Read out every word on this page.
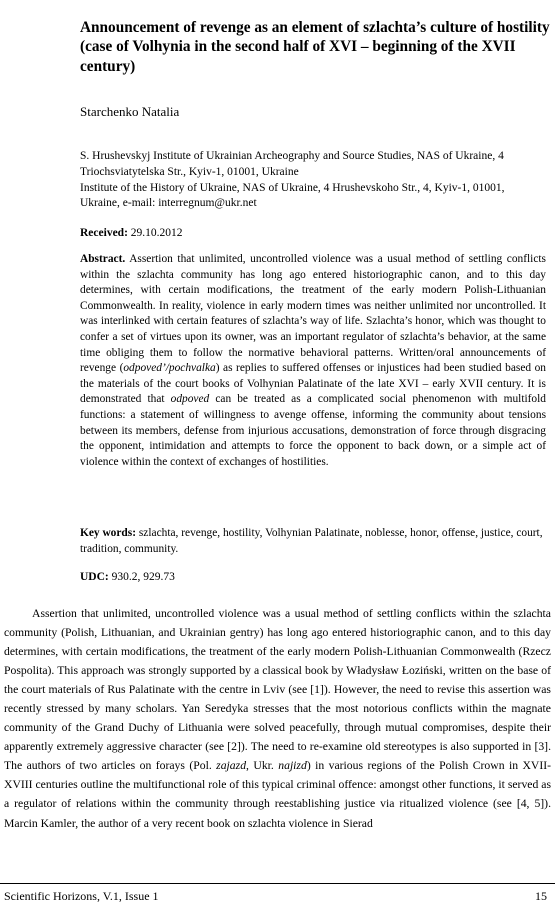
Announcement of revenge as an element of szlachta’s culture of hostility (case of Volhynia in the second half of XVI – beginning of the XVII century)
Starchenko Natalia

S. Hrushevskyj Institute of Ukrainian Archeography and Source Studies, NAS of Ukraine, 4 Triochsviatytelska Str., Kyiv-1, 01001, Ukraine

Institute of the History of Ukraine, NAS of Ukraine, 4 Hrushevskoho Str., 4, Kyiv-1, 01001, Ukraine, e-mail: interregnum@ukr.net

Received: 29.10.2012

Abstract. Assertion that unlimited, uncontrolled violence was a usual method of settling conflicts within the szlachta community has long ago entered historiographic canon, and to this day determines, with certain modifications, the treatment of the early modern Polish-Lithuanian Commonwealth. In reality, violence in early modern times was neither unlimited nor uncontrolled. It was interlinked with certain features of szlachta’s way of life. Szlachta’s honor, which was thought to confer a set of virtues upon its owner, was an important regulator of szlachta’s behavior, at the same time obliging them to follow the normative behavioral patterns. Written/oral announcements of revenge (odpoved’/pochvalka) as replies to suffered offenses or injustices had been studied based on the materials of the court books of Volhynian Palatinate of the late XVI – early XVII century. It is demonstrated that odpoved can be treated as a complicated social phenomenon with multifold functions: a statement of willingness to avenge offense, informing the community about tensions between its members, defense from injurious accusations, demonstration of force through disgracing the opponent, intimidation and attempts to force the opponent to back down, or a simple act of violence within the context of exchanges of hostilities.

Key words: szlachta, revenge, hostility, Volhynian Palatinate, noblesse, honor, offense, justice, court, tradition, community.

UDC: 930.2, 929.73

Assertion that unlimited, uncontrolled violence was a usual method of settling conflicts within the szlachta community (Polish, Lithuanian, and Ukrainian gentry) has long ago entered historiographic canon, and to this day determines, with certain modifications, the treatment of the early modern Polish-Lithuanian Commonwealth (Rzecz Pospolita). This approach was strongly supported by a classical book by Władysław Łoziński, written on the base of the court materials of Rus Palatinate with the centre in Lviv (see [1]). However, the need to revise this assertion was recently stressed by many scholars. Yan Seredyka stresses that the most notorious conflicts within the magnate community of the Grand Duchy of Lithuania were solved peacefully, through mutual compromises, despite their apparently extremely aggressive character (see [2]). The need to re-examine old stereotypes is also supported in [3]. The authors of two articles on forays (Pol. zajazd, Ukr. najizd) in various regions of the Polish Crown in XVII-XVIII centuries outline the multifunctional role of this typical criminal offence: amongst other functions, it served as a regulator of relations within the community through reestablishing justice via ritualized violence (see [4, 5]). Marcin Kamler, the author of a very recent book on szlachta violence in Sierad

Scientific Horizons, V.1, Issue 1	15
